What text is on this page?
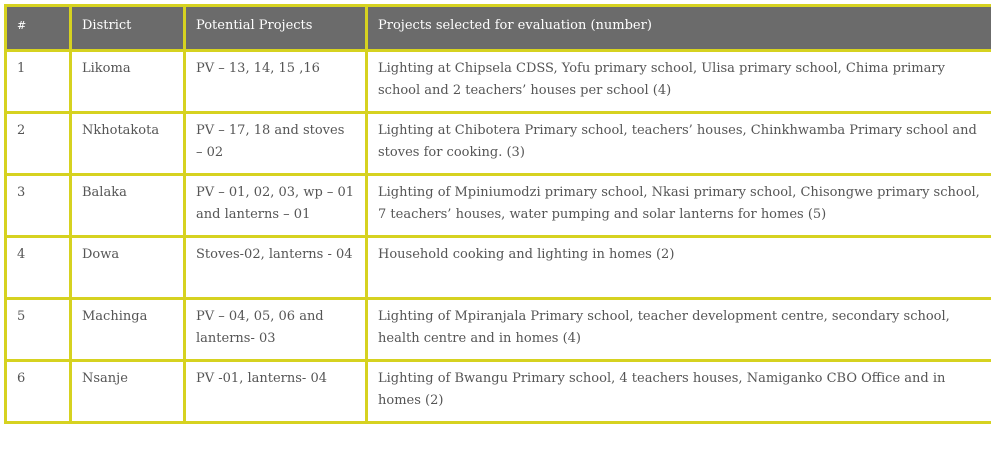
#	District	Potential Projects	Projects selected for evaluation (number)
1	Likoma	PV – 13, 14, 15 ,16	Lighting at Chipsela CDSS, Yofu primary school, Ulisa primary school, Chima primary school and 2 teachers’ houses per school (4)
2	Nkhotakota	PV – 17, 18 and stoves – 02	Lighting at Chibotera Primary school, teachers’ houses, Chinkhwamba Primary school and stoves for cooking. (3)
3	Balaka	PV – 01, 02, 03, wp – 01 and lanterns – 01	Lighting of Mpiniumodzi primary school, Nkasi primary school, Chisongwe primary school, 7 teachers’ houses, water pumping and solar lanterns for homes (5)
4	Dowa	Stoves-02, lanterns - 04	Household cooking and lighting in homes (2)
5	Machinga	PV – 04, 05, 06 and lanterns- 03	Lighting of Mpiranjala Primary school, teacher development centre, secondary school, health centre and in homes (4)
6	Nsanje	PV -01, lanterns- 04	Lighting of Bwangu Primary school, 4 teachers houses, Namiganko CBO Office and in homes (2)
